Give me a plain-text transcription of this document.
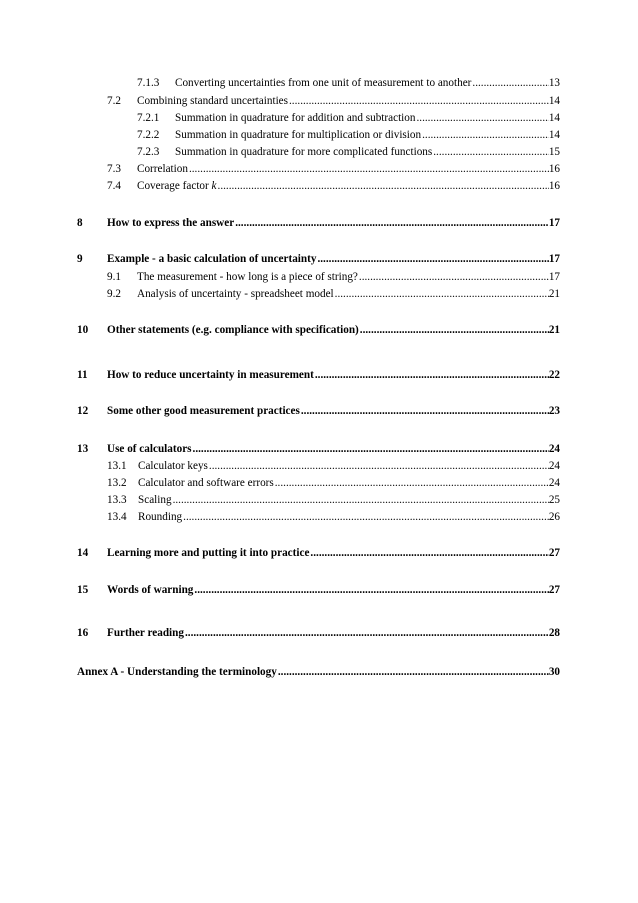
7.1.3	Converting uncertainties from one unit of measurement to another .....	13
7.2	Combining standard uncertainties .....	14
7.2.1	Summation in quadrature for addition and subtraction .....	14
7.2.2	Summation in quadrature for multiplication or division .....	14
7.2.3	Summation in quadrature for more complicated functions .....	15
7.3	Correlation .....	16
7.4	Coverage factor k .....	16
8	How to express the answer .....	17
9	Example - a basic calculation of uncertainty .....	17
9.1	The measurement - how long is a piece of string? .....	17
9.2	Analysis of uncertainty - spreadsheet model .....	21
10	Other statements (e.g. compliance with specification) .....	21
11	How to reduce uncertainty in measurement .....	22
12	Some other good measurement practices .....	23
13	Use of calculators .....	24
13.1	Calculator keys .....	24
13.2	Calculator and software errors .....	24
13.3	Scaling .....	25
13.4	Rounding .....	26
14	Learning more and putting it into practice .....	27
15	Words of warning .....	27
16	Further reading .....	28
Annex A - Understanding the terminology .....	30
